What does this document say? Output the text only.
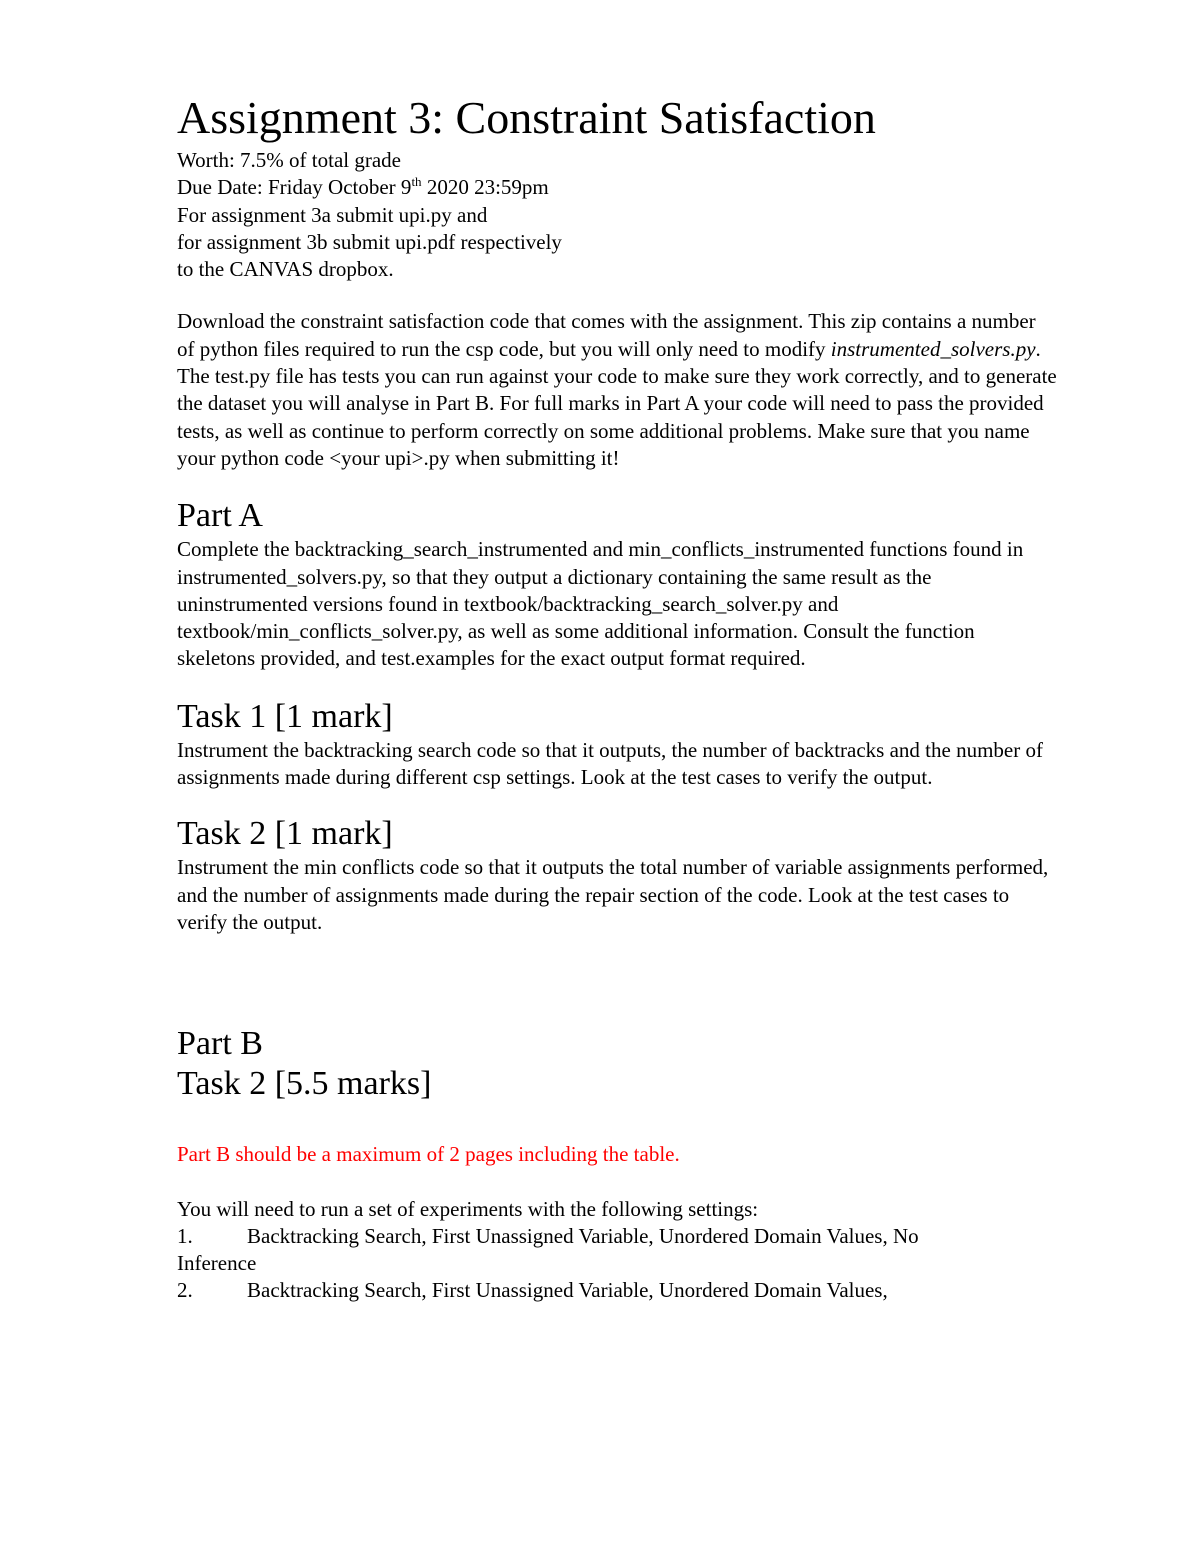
Assignment 3: Constraint Satisfaction

Worth: 7.5% of total grade

Due Date: Friday October 9th 2020 23:59pm

For assignment 3a submit upi.py and

for assignment 3b submit upi.pdf respectively

to the CANVAS dropbox.

Download the constraint satisfaction code that comes with the assignment. This zip contains a number of python files required to run the csp code, but you will only need to modify instrumented_solvers.py. The test.py file has tests you can run against your code to make sure they work correctly, and to generate the dataset you will analyse in Part B. For full marks in Part A your code will need to pass the provided tests, as well as continue to perform correctly on some additional problems. Make sure that you name your python code <your upi>.py when submitting it!

Part A

Complete the backtracking_search_instrumented and min_conflicts_instrumented functions found in instrumented_solvers.py, so that they output a dictionary containing the same result as the uninstrumented versions found in textbook/backtracking_search_solver.py and textbook/min_conflicts_solver.py, as well as some additional information. Consult the function skeletons provided, and test.examples for the exact output format required.

Task 1 [1 mark]

Instrument the backtracking search code so that it outputs, the number of backtracks and the number of assignments made during different csp settings. Look at the test cases to verify the output.

Task 2 [1 mark]

Instrument the min conflicts code so that it outputs the total number of variable assignments performed, and the number of assignments made during the repair section of the code. Look at the test cases to verify the output.

Part B
Task 2 [5.5 marks]

Part B should be a maximum of 2 pages including the table.

You will need to run a set of experiments with the following settings:

1.	Backtracking Search, First Unassigned Variable, Unordered Domain Values, No
Inference

2.	Backtracking Search, First Unassigned Variable, Unordered Domain Values,
